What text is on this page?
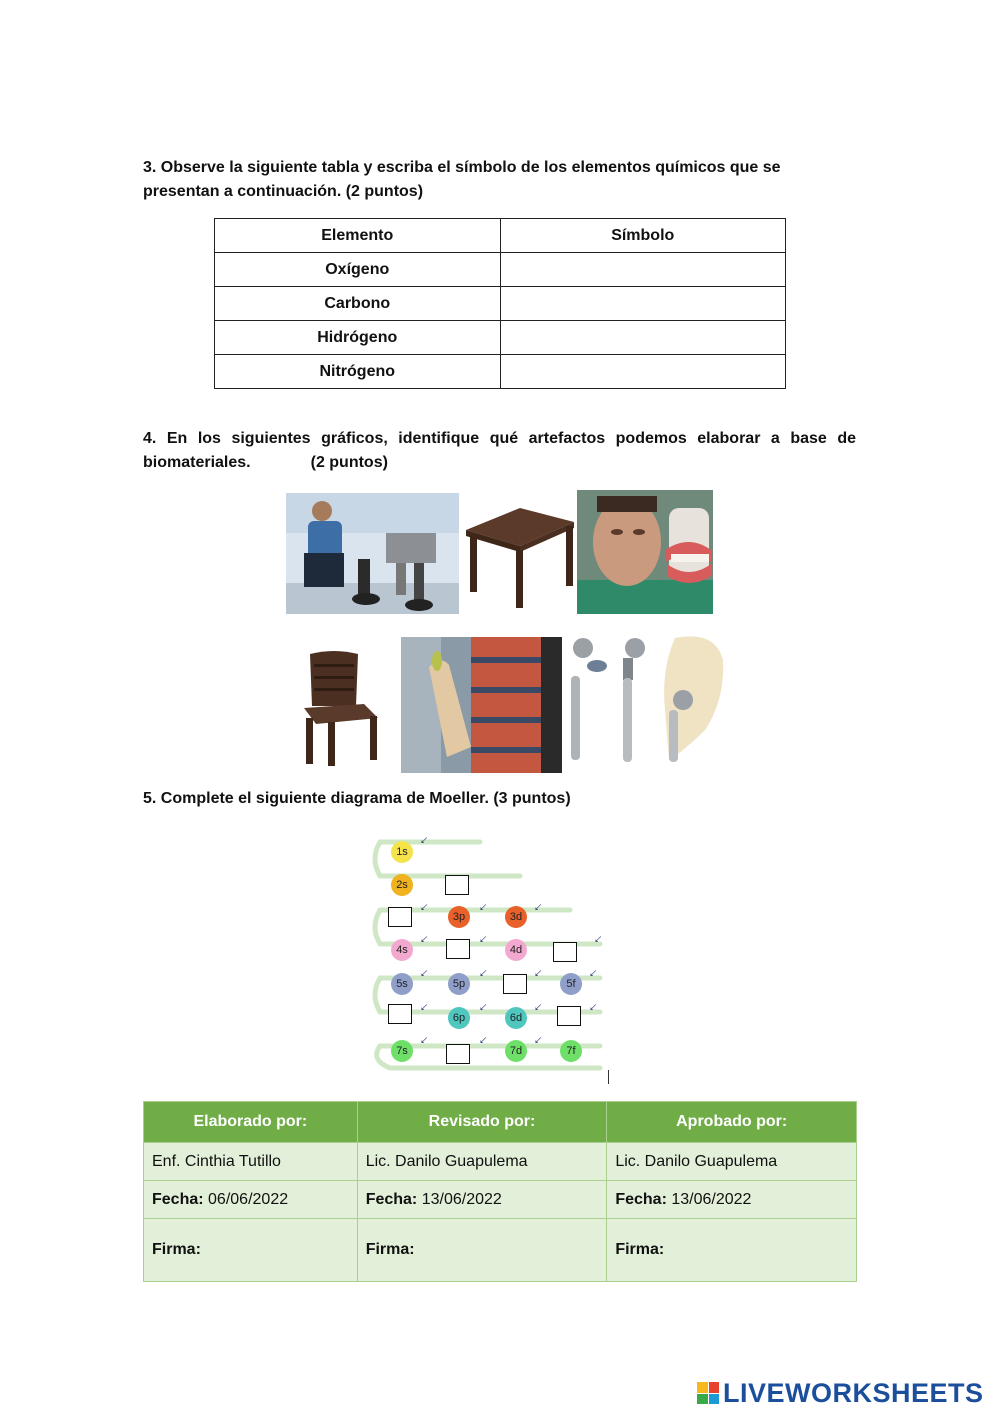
3. Observe la siguiente tabla y escriba el símbolo de los elementos químicos que se presentan a continuación. (2 puntos)
Elemento	Símbolo
Oxígeno	
Carbono	
Hidrógeno	
Nitrógeno	
4. En los siguientes gráficos, identifique qué artefactos podemos elaborar a base de biomateriales.	(2 puntos)
5. Complete el siguiente diagrama de Moeller. (3 puntos)
1s
2s
3p	3d
4s	4d
5s	5p	5f
6p	6d
7s	7d	7f
←
←	←	←
←	←	←
←	←	←	←
←	←	←	←
←	←	←
Elaborado por:	Revisado por:	Aprobado por:
Enf. Cinthia Tutillo	Lic. Danilo Guapulema	Lic. Danilo Guapulema
Fecha: 06/06/2022	Fecha: 13/06/2022	Fecha: 13/06/2022
Firma:	Firma:	Firma:
LIVEWORKSHEETS
